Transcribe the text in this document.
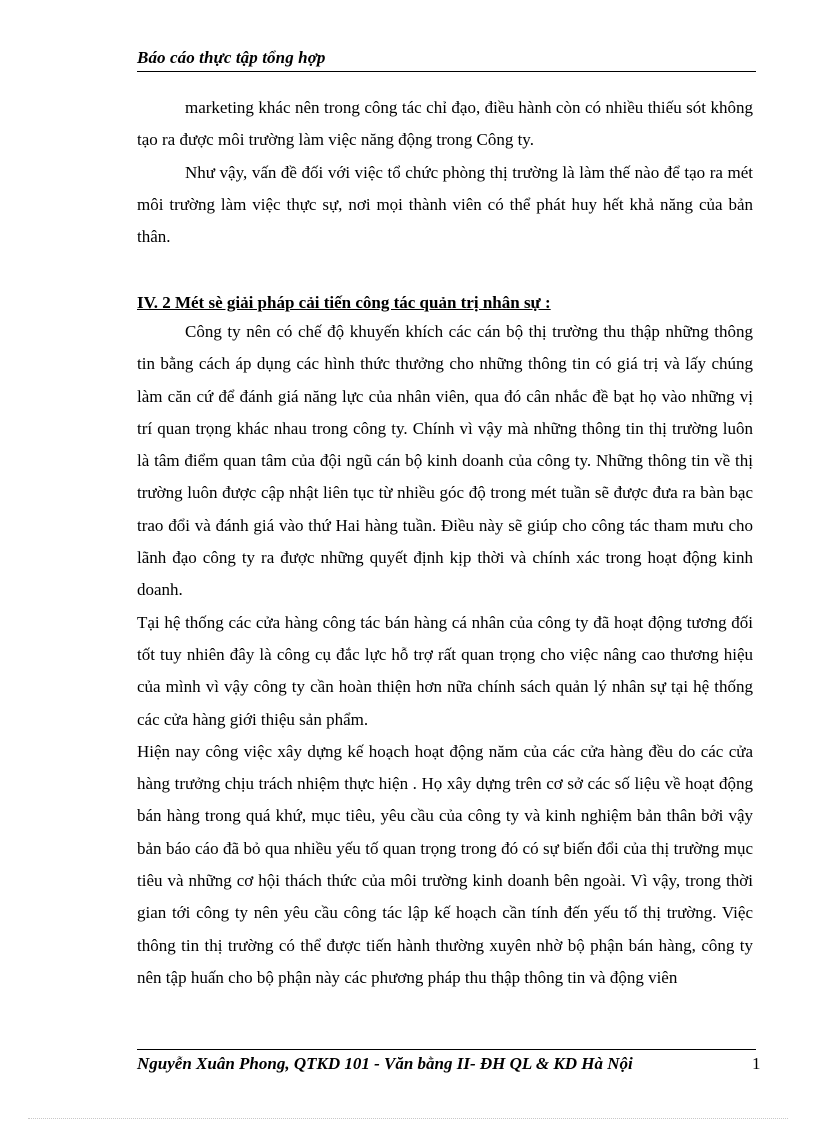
Báo cáo thực tập tổng hợp

marketing khác nên trong công tác chỉ đạo, điều hành còn có nhiều thiếu sót không tạo ra được môi trường làm việc năng động trong Công ty.

Như vậy, vấn đề đối với việc tổ chức phòng thị trường là làm thế nào để tạo ra mét môi trường làm việc thực sự, nơi mọi thành viên có thể phát huy hết khả năng của bản thân.

IV. 2 Mét sè giải pháp cải tiến công tác quản trị nhân sự :

Công ty nên có chế độ khuyến khích các cán bộ thị trường thu thập những thông tin bằng cách áp dụng các hình thức thưởng cho những thông tin có giá trị và lấy chúng làm căn cứ để đánh giá năng lực của nhân viên, qua đó cân nhắc đề bạt họ vào những vị trí quan trọng khác nhau trong công ty. Chính vì vậy mà những thông tin thị trường luôn là tâm điểm quan tâm của đội ngũ cán bộ kinh doanh của công ty. Những thông tin về thị trường luôn được cập nhật liên tục từ nhiều góc độ trong mét tuần sẽ được đưa ra bàn bạc trao đổi và đánh giá vào thứ Hai hàng tuần. Điều này sẽ giúp cho công tác tham mưu cho lãnh đạo công ty ra được những quyết định kịp thời và chính xác trong hoạt động kinh doanh.

Tại hệ thống các cửa hàng công tác bán hàng cá nhân của công ty đã hoạt động tương đối tốt tuy nhiên đây là công cụ đắc lực hỗ trợ rất quan trọng cho việc nâng cao thương hiệu của mình vì vậy công ty cần hoàn thiện hơn nữa chính sách quản lý nhân sự tại hệ thống các cửa hàng giới thiệu sản phẩm.

Hiện nay công việc xây dựng kế hoạch hoạt động năm của các cửa hàng đều do các cửa hàng trưởng chịu trách nhiệm thực hiện . Họ xây dựng trên cơ sở các số liệu về hoạt động bán hàng trong quá khứ, mục tiêu, yêu cầu của công ty và kinh nghiệm bản thân bởi vậy bản báo cáo đã bỏ qua nhiều yếu tố quan trọng trong đó có sự biến đổi của thị trường mục tiêu và những cơ hội thách thức của môi trường kinh doanh bên ngoài. Vì vậy, trong thời gian tới công ty nên yêu cầu công tác lập kế hoạch cần tính đến yếu tố thị trường. Việc thông tin thị trường có thể được tiến hành thường xuyên nhờ bộ phận bán hàng, công ty nên tập huấn cho bộ phận này các phương pháp thu thập thông tin và động viên

Nguyễn Xuân Phong, QTKD 101 - Văn bằng II- ĐH QL & KD Hà Nội	1
